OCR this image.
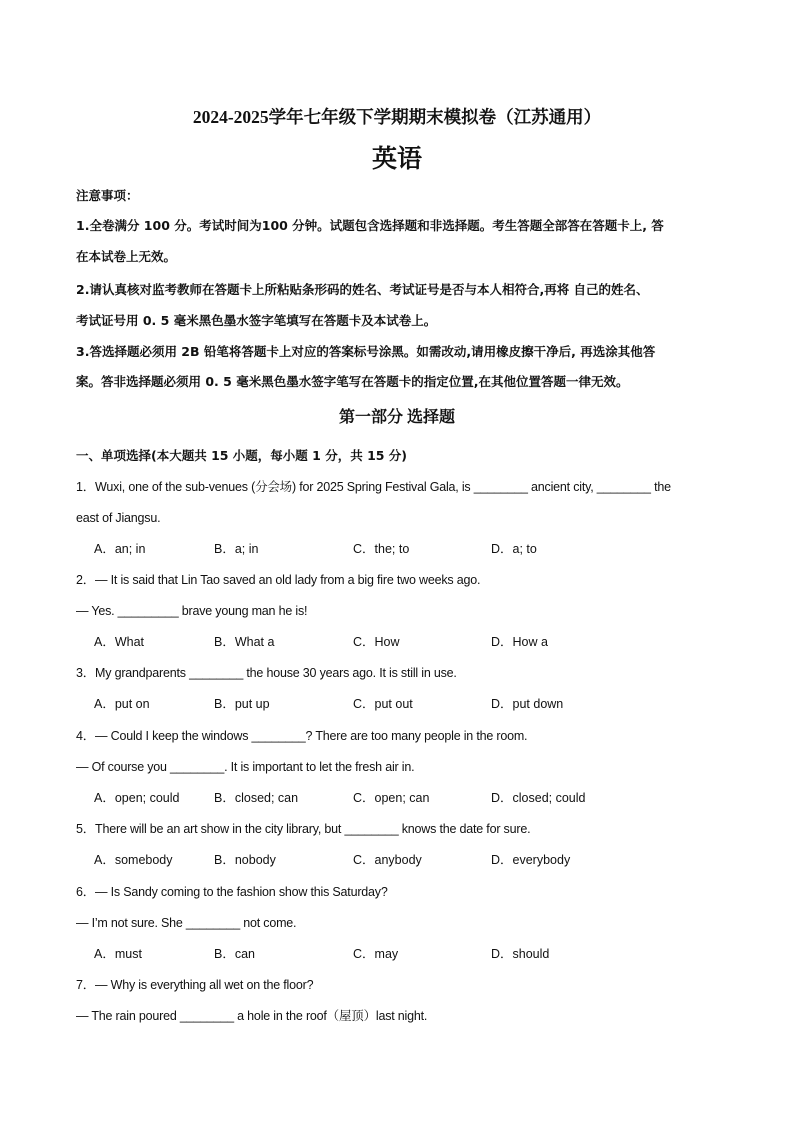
2024-2025学年七年级下学期期末模拟卷（江苏通用）
英语
注意事项：
1.全卷满分 100 分。考试时间为100 分钟。试题包含选择题和非选择题。考生答题全部答在答题卡上, 答
在本试卷上无效。
2.请认真核对监考教师在答题卡上所粘贴条形码的姓名、考试证号是否与本人相符合,再将 自己的姓名、
考试证号用 0. 5 毫米黑色墨水签字笔填写在答题卡及本试卷上。
3.答选择题必须用 2B 铅笔将答题卡上对应的答案标号涂黑。如需改动,请用橡皮擦干净后, 再选涂其他答
案。答非选择题必须用 0. 5 毫米黑色墨水签字笔写在答题卡的指定位置,在其他位置答题一律无效。
第一部分 选择题
一、单项选择(本大题共 15 小题，每小题 1 分，共 15 分)
1．Wuxi, one of the sub-venues (分会场) for 2025 Spring Festival Gala, is ________ ancient city, ________ the
east of Jiangsu.
A．an; in	B．a; in	C．the; to	D．a; to
2．— It is said that Lin Tao saved an old lady from a big fire two weeks ago.
— Yes. _________ brave young man he is!
A．What	B．What a	C．How	D．How a
3．My grandparents ________ the house 30 years ago. It is still in use.
A．put on	B．put up	C．put out	D．put down
4．— Could I keep the windows ________? There are too many people in the room.
— Of course you ________. It is important to let the fresh air in.
A．open; could	B．closed; can	C．open; can	D．closed; could
5．There will be an art show in the city library, but ________ knows the date for sure.
A．somebody	B．nobody	C．anybody	D．everybody
6．— Is Sandy coming to the fashion show this Saturday?
— I’m not sure. She ________ not come.
A．must	B．can	C．may	D．should
7．— Why is everything all wet on the floor?
— The rain poured ________ a hole in the roof（屋顶）last night.
